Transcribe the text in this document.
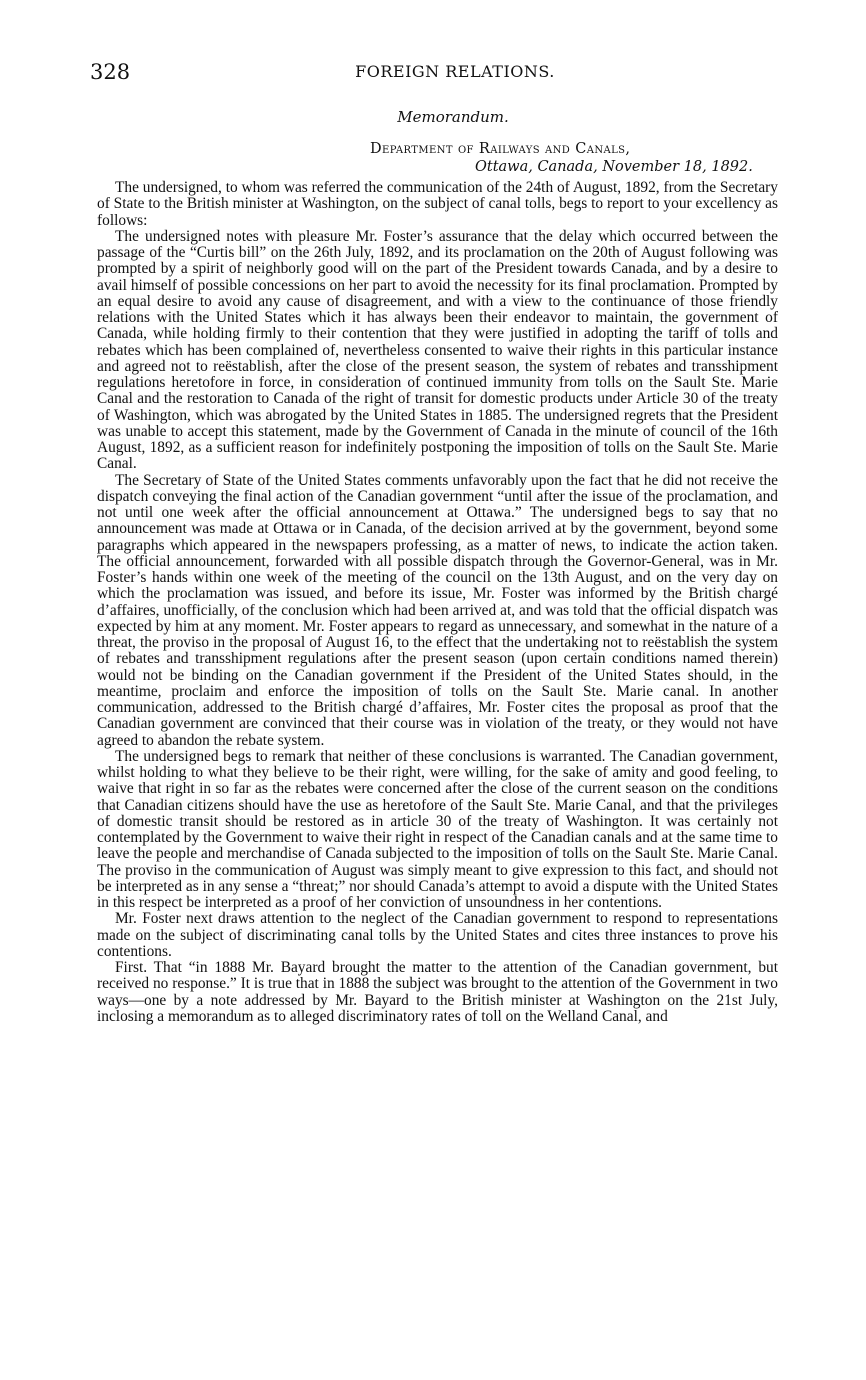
328	FOREIGN RELATIONS.
Memorandum.
Department of Railways and Canals,
Ottawa, Canada, November 18, 1892.

The undersigned, to whom was referred the communication of the 24th of August, 1892, from the Secretary of State to the British minister at Washington, on the subject of canal tolls, begs to report to your excellency as follows:

The undersigned notes with pleasure Mr. Foster’s assurance that the delay which occurred between the passage of the “Curtis bill” on the 26th July, 1892, and its proclamation on the 20th of August following was prompted by a spirit of neighborly good will on the part of the President towards Canada, and by a desire to avail himself of possible concessions on her part to avoid the necessity for its final proclamation. Prompted by an equal desire to avoid any cause of disagreement, and with a view to the continuance of those friendly relations with the United States which it has always been their endeavor to maintain, the government of Canada, while holding firmly to their contention that they were justified in adopting the tariff of tolls and rebates which has been complained of, nevertheless consented to waive their rights in this particular instance and agreed not to reëstablish, after the close of the present season, the system of rebates and transshipment regulations heretofore in force, in consideration of continued immunity from tolls on the Sault Ste. Marie Canal and the restoration to Canada of the right of transit for domestic products under Article 30 of the treaty of Washington, which was abrogated by the United States in 1885. The undersigned regrets that the President was unable to accept this statement, made by the Government of Canada in the minute of council of the 16th August, 1892, as a sufficient reason for indefinitely postponing the imposition of tolls on the Sault Ste. Marie Canal.

The Secretary of State of the United States comments unfavorably upon the fact that he did not receive the dispatch conveying the final action of the Canadian government “until after the issue of the proclamation, and not until one week after the official announcement at Ottawa.” The undersigned begs to say that no announcement was made at Ottawa or in Canada, of the decision arrived at by the government, beyond some paragraphs which appeared in the newspapers professing, as a matter of news, to indicate the action taken. The official announcement, forwarded with all possible dispatch through the Governor-General, was in Mr. Foster’s hands within one week of the meeting of the council on the 13th August, and on the very day on which the proclamation was issued, and before its issue, Mr. Foster was informed by the British chargé d’affaires, unofficially, of the conclusion which had been arrived at, and was told that the official dispatch was expected by him at any moment. Mr. Foster appears to regard as unnecessary, and somewhat in the nature of a threat, the proviso in the proposal of August 16, to the effect that the undertaking not to reëstablish the system of rebates and transshipment regulations after the present season (upon certain conditions named therein) would not be binding on the Canadian government if the President of the United States should, in the meantime, proclaim and enforce the imposition of tolls on the Sault Ste. Marie canal. In another communication, addressed to the British chargé d’affaires, Mr. Foster cites the proposal as proof that the Canadian government are convinced that their course was in violation of the treaty, or they would not have agreed to abandon the rebate system.

The undersigned begs to remark that neither of these conclusions is warranted. The Canadian government, whilst holding to what they believe to be their right, were willing, for the sake of amity and good feeling, to waive that right in so far as the rebates were concerned after the close of the current season on the conditions that Canadian citizens should have the use as heretofore of the Sault Ste. Marie Canal, and that the privileges of domestic transit should be restored as in article 30 of the treaty of Washington. It was certainly not contemplated by the Government to waive their right in respect of the Canadian canals and at the same time to leave the people and merchandise of Canada subjected to the imposition of tolls on the Sault Ste. Marie Canal. The proviso in the communication of August was simply meant to give expression to this fact, and should not be interpreted as in any sense a “threat;” nor should Canada’s attempt to avoid a dispute with the United States in this respect be interpreted as a proof of her conviction of unsoundness in her contentions.

Mr. Foster next draws attention to the neglect of the Canadian government to respond to representations made on the subject of discriminating canal tolls by the United States and cites three instances to prove his contentions.

First. That “in 1888 Mr. Bayard brought the matter to the attention of the Canadian government, but received no response.” It is true that in 1888 the subject was brought to the attention of the Government in two ways—one by a note addressed by Mr. Bayard to the British minister at Washington on the 21st July, inclosing a memorandum as to alleged discriminatory rates of toll on the Welland Canal, and
